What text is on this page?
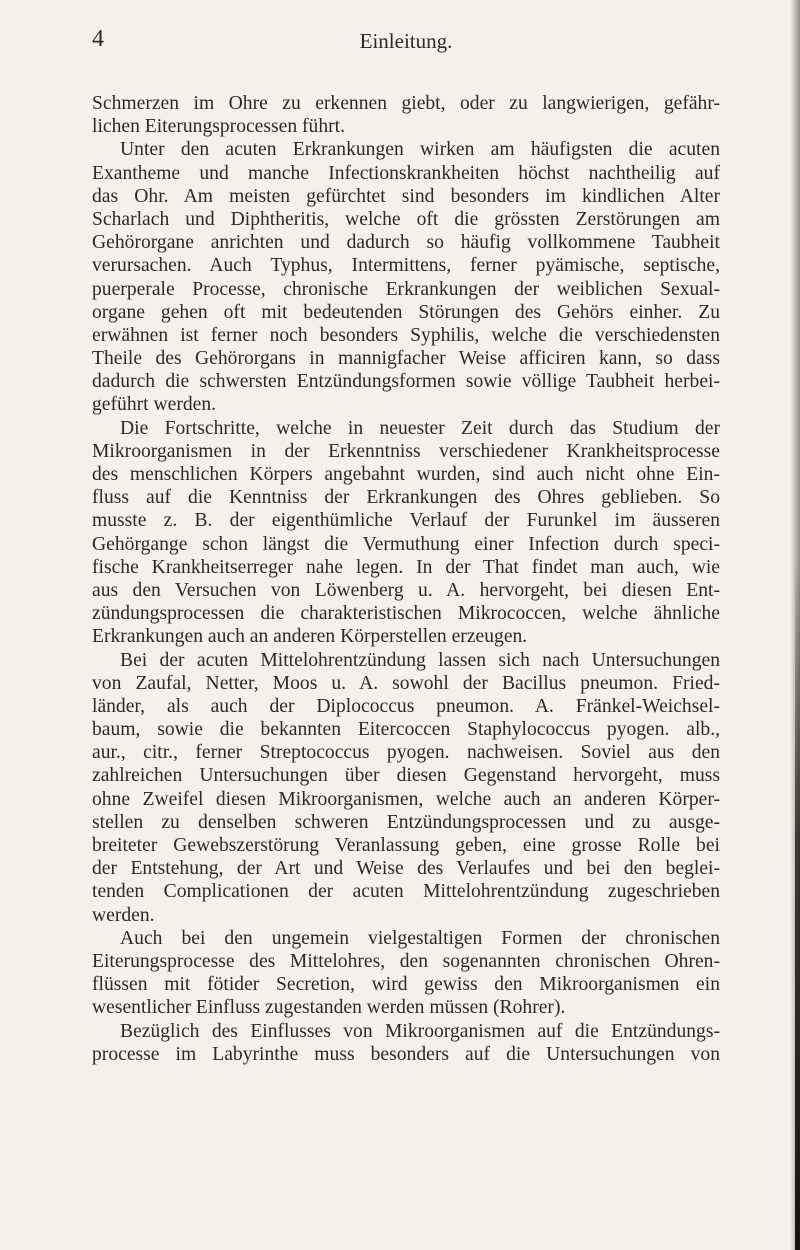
4	Einleitung.
Schmerzen im Ohre zu erkennen giebt, oder zu langwierigen, gefähr-
lichen Eiterungsprocessen führt.
Unter den acuten Erkrankungen wirken am häufigsten die acuten
Exantheme und manche Infectionskrankheiten höchst nachtheilig auf
das Ohr. Am meisten gefürchtet sind besonders im kindlichen Alter
Scharlach und Diphtheritis, welche oft die grössten Zerstörungen am
Gehörorgane anrichten und dadurch so häufig vollkommene Taubheit
verursachen. Auch Typhus, Intermittens, ferner pyämische, septische,
puerperale Processe, chronische Erkrankungen der weiblichen Sexual-
organe gehen oft mit bedeutenden Störungen des Gehörs einher. Zu
erwähnen ist ferner noch besonders Syphilis, welche die verschiedensten
Theile des Gehörorgans in mannigfacher Weise afficiren kann, so dass
dadurch die schwersten Entzündungsformen sowie völlige Taubheit herbei-
geführt werden.
Die Fortschritte, welche in neuester Zeit durch das Studium der
Mikroorganismen in der Erkenntniss verschiedener Krankheitsprocesse
des menschlichen Körpers angebahnt wurden, sind auch nicht ohne Ein-
fluss auf die Kenntniss der Erkrankungen des Ohres geblieben. So
musste z. B. der eigenthümliche Verlauf der Furunkel im äusseren
Gehörgange schon längst die Vermuthung einer Infection durch speci-
fische Krankheitserreger nahe legen. In der That findet man auch, wie
aus den Versuchen von Löwenberg u. A. hervorgeht, bei diesen Ent-
zündungsprocessen die charakteristischen Mikrococcen, welche ähnliche
Erkrankungen auch an anderen Körperstellen erzeugen.
Bei der acuten Mittelohrentzündung lassen sich nach Untersuchungen
von Zaufal, Netter, Moos u. A. sowohl der Bacillus pneumon. Fried-
länder, als auch der Diplococcus pneumon. A. Fränkel-Weichsel-
baum, sowie die bekannten Eitercoccen Staphylococcus pyogen. alb.,
aur., citr., ferner Streptococcus pyogen. nachweisen. Soviel aus den
zahlreichen Untersuchungen über diesen Gegenstand hervorgeht, muss
ohne Zweifel diesen Mikroorganismen, welche auch an anderen Körper-
stellen zu denselben schweren Entzündungsprocessen und zu ausge-
breiteter Gewebszerstörung Veranlassung geben, eine grosse Rolle bei
der Entstehung, der Art und Weise des Verlaufes und bei den beglei-
tenden Complicationen der acuten Mittelohrentzündung zugeschrieben
werden.
Auch bei den ungemein vielgestaltigen Formen der chronischen
Eiterungsprocesse des Mittelohres, den sogenannten chronischen Ohren-
flüssen mit fötider Secretion, wird gewiss den Mikroorganismen ein
wesentlicher Einfluss zugestanden werden müssen (Rohrer).
Bezüglich des Einflusses von Mikroorganismen auf die Entzündungs-
processe im Labyrinthe muss besonders auf die Untersuchungen von
